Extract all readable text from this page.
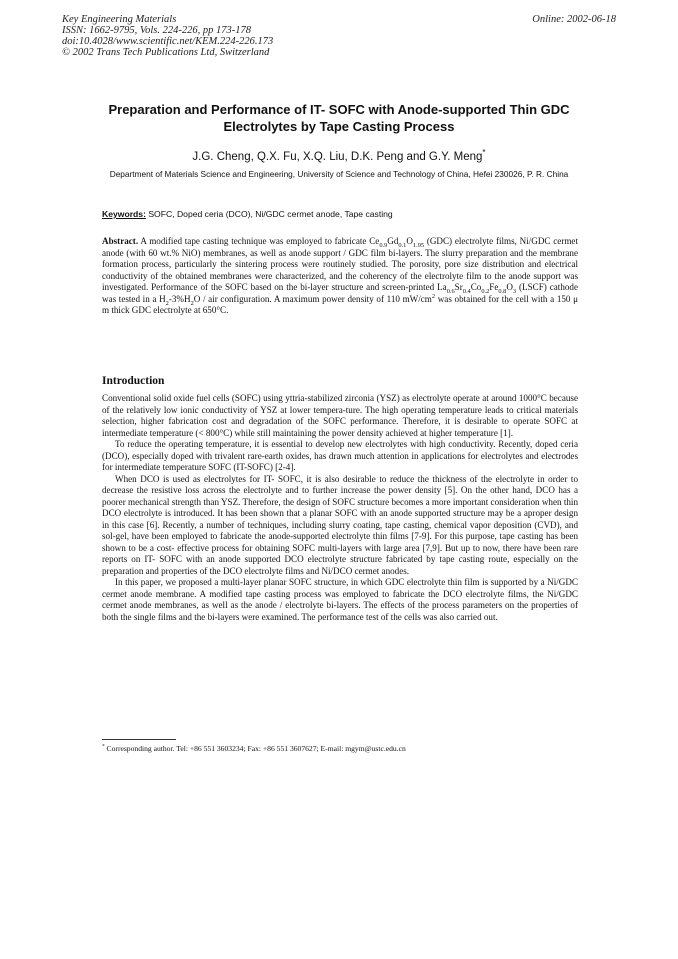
Key Engineering Materials
ISSN: 1662-9795, Vols. 224-226, pp 173-178
doi:10.4028/www.scientific.net/KEM.224-226.173
© 2002 Trans Tech Publications Ltd, Switzerland
Online: 2002-06-18
Preparation and Performance of IT- SOFC with Anode-supported Thin GDC Electrolytes by Tape Casting Process
J.G. Cheng, Q.X. Fu, X.Q. Liu, D.K. Peng and G.Y. Meng*
Department of Materials Science and Engineering, University of Science and Technology of China, Hefei 230026, P. R. China
Keywords: SOFC, Doped ceria (DCO), Ni/GDC cermet anode, Tape casting

Abstract. A modified tape casting technique was employed to fabricate $Ce_{0.9}Gd_{0.1}O_{1.95}$ (GDC) electrolyte films, Ni/GDC cermet anode (with 60 wt.% NiO) membranes, as well as anode support / GDC film bi-layers. The slurry preparation and the membrane formation process, particularly the sintering process were routinely studied. The porosity, pore size distribution and electrical conductivity of the obtained membranes were characterized, and the coherency of the electrolyte film to the anode support was investigated. Performance of the SOFC based on the bi-layer structure and screen-printed $La_{0.6}Sr_{0.4}Co_{0.2}Fe_{0.8}O_3$ (LSCF) cathode was tested in a $H_2-3\%H_2O$ / air configuration. A maximum power density of 110 $mW/cm^2$ was obtained for the cell with a 150 μ m thick GDC electrolyte at 650°C.

Introduction

Conventional solid oxide fuel cells (SOFC) using yttria-stabilized zirconia (YSZ) as electrolyte operate at around 1000°C because of the relatively low ionic conductivity of YSZ at lower tempera-ture. The high operating temperature leads to critical materials selection, higher fabrication cost and degradation of the SOFC performance. Therefore, it is desirable to operate SOFC at intermediate temperature (< 800°C) while still maintaining the power density achieved at higher temperature [1].

To reduce the operating temperature, it is essential to develop new electrolytes with high conductivity. Recently, doped ceria (DCO), especially doped with trivalent rare-earth oxides, has drawn much attention in applications for electrolytes and electrodes for intermediate temperature SOFC (IT-SOFC) [2-4].

When DCO is used as electrolytes for IT- SOFC, it is also desirable to reduce the thickness of the electrolyte in order to decrease the resistive loss across the electrolyte and to further increase the power density [5]. On the other hand, DCO has a poorer mechanical strength than YSZ. Therefore, the design of SOFC structure becomes a more important consideration when thin DCO electrolyte is introduced. It has been shown that a planar SOFC with an anode supported structure may be a aproper design in this case [6]. Recently, a number of techniques, including slurry coating, tape casting, chemical vapor deposition (CVD), and sol-gel, have been employed to fabricate the anode-supported electrolyte thin films [7-9]. For this purpose, tape casting has been shown to be a cost- effective process for obtaining SOFC multi-layers with large area [7,9]. But up to now, there have been rare reports on IT- SOFC with an anode supported DCO electrolyte structure fabricated by tape casting route, especially on the preparation and properties of the DCO electrolyte films and Ni/DCO cermet anodes.

In this paper, we proposed a multi-layer planar SOFC structure, in which GDC electrolyte thin film is supported by a Ni/GDC cermet anode membrane. A modified tape casting process was employed to fabricate the DCO electrolyte films, the Ni/GDC cermet anode membranes, as well as the anode / electrolyte bi-layers. The effects of the process parameters on the properties of both the single films and the bi-layers were examined. The performance test of the cells was also carried out.

* Corresponding author. Tel: +86 551 3603234; Fax: +86 551 3607627; E-mail: mgym@ustc.edu.cn
